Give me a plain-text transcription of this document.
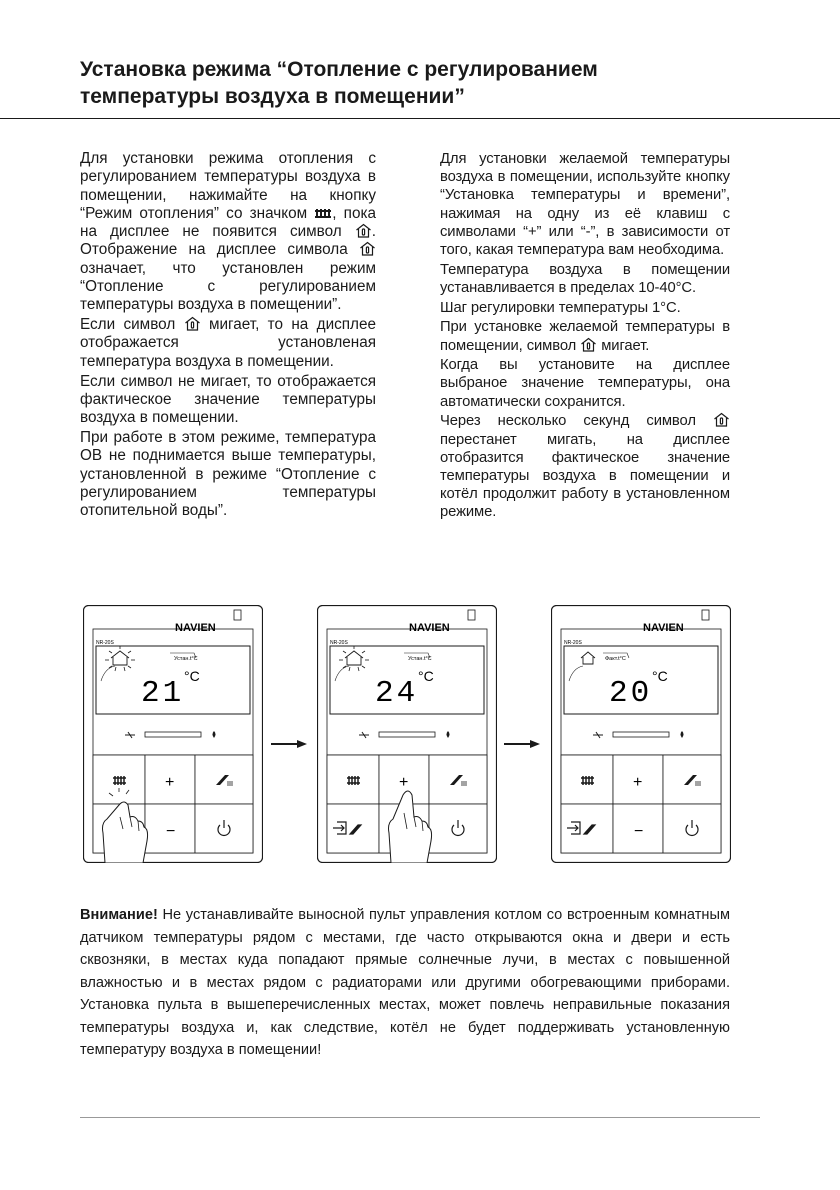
Установка режима “Отопление с регулированием
температуры воздуха в помещении”

Для установки режима отопления с регулированием температуры воздуха в помещении, нажимайте на кнопку “Режим отопления” со значком , пока на дисплее не появится символ . Отображение на дисплее символа  означает, что установлен режим “Отопление с регулированием температуры воздуха в помещении”.

Если символ мигает, то на дисплее отображается установленая температура воздуха в помещении.

Если символ не мигает, то отображается фактическое значение температуры воздуха в помещении.

При работе в этом режиме, температура ОВ не поднимается выше температуры, установленной в режиме “Отопление с регулированием температуры отопительной воды”.

Для установки желаемой температуры воздуха в помещении, используйте кнопку “Установка температуры и времени”, нажимая на одну из её клавиш с символами “+” или “-”, в зависимости от того, какая температура вам необходима.

Температура воздуха в помещении устанавливается в пределах 10-40°С.

Шаг регулировки температуры 1°С.

При установке желаемой температуры в помещении, символ мигает.

Когда вы установите на дисплее выбраное значение температуры, она автоматически сохранится.

Через несколько секунд символ  перестанет мигать, на дисплее отобразится фактическое значение температуры воздуха в помещении и котёл продолжит работу в установленном режиме.

NAVIEN
NR-20S
Устан.t°C
21 °C
+
−
NAVIEN
NR-20S
Устан.t°C
24 °C
+
NAVIEN
NR-20S
Факт.t°C
20 °C
+
−

Внимание! Не устанавливайте выносной пульт управления котлом со встроенным комнатным датчиком температуры рядом с местами, где часто открываются окна и двери и есть сквозняки, в местах куда попадают прямые солнечные лучи, в местах с повышенной влажностью и в местах рядом с радиаторами или другими обогревающими приборами. Установка пульта в вышеперечисленных местах, может повлечь неправильные показания температуры воздуха и, как следствие, котёл не будет поддерживать установленную температуру воздуха в помещении!
